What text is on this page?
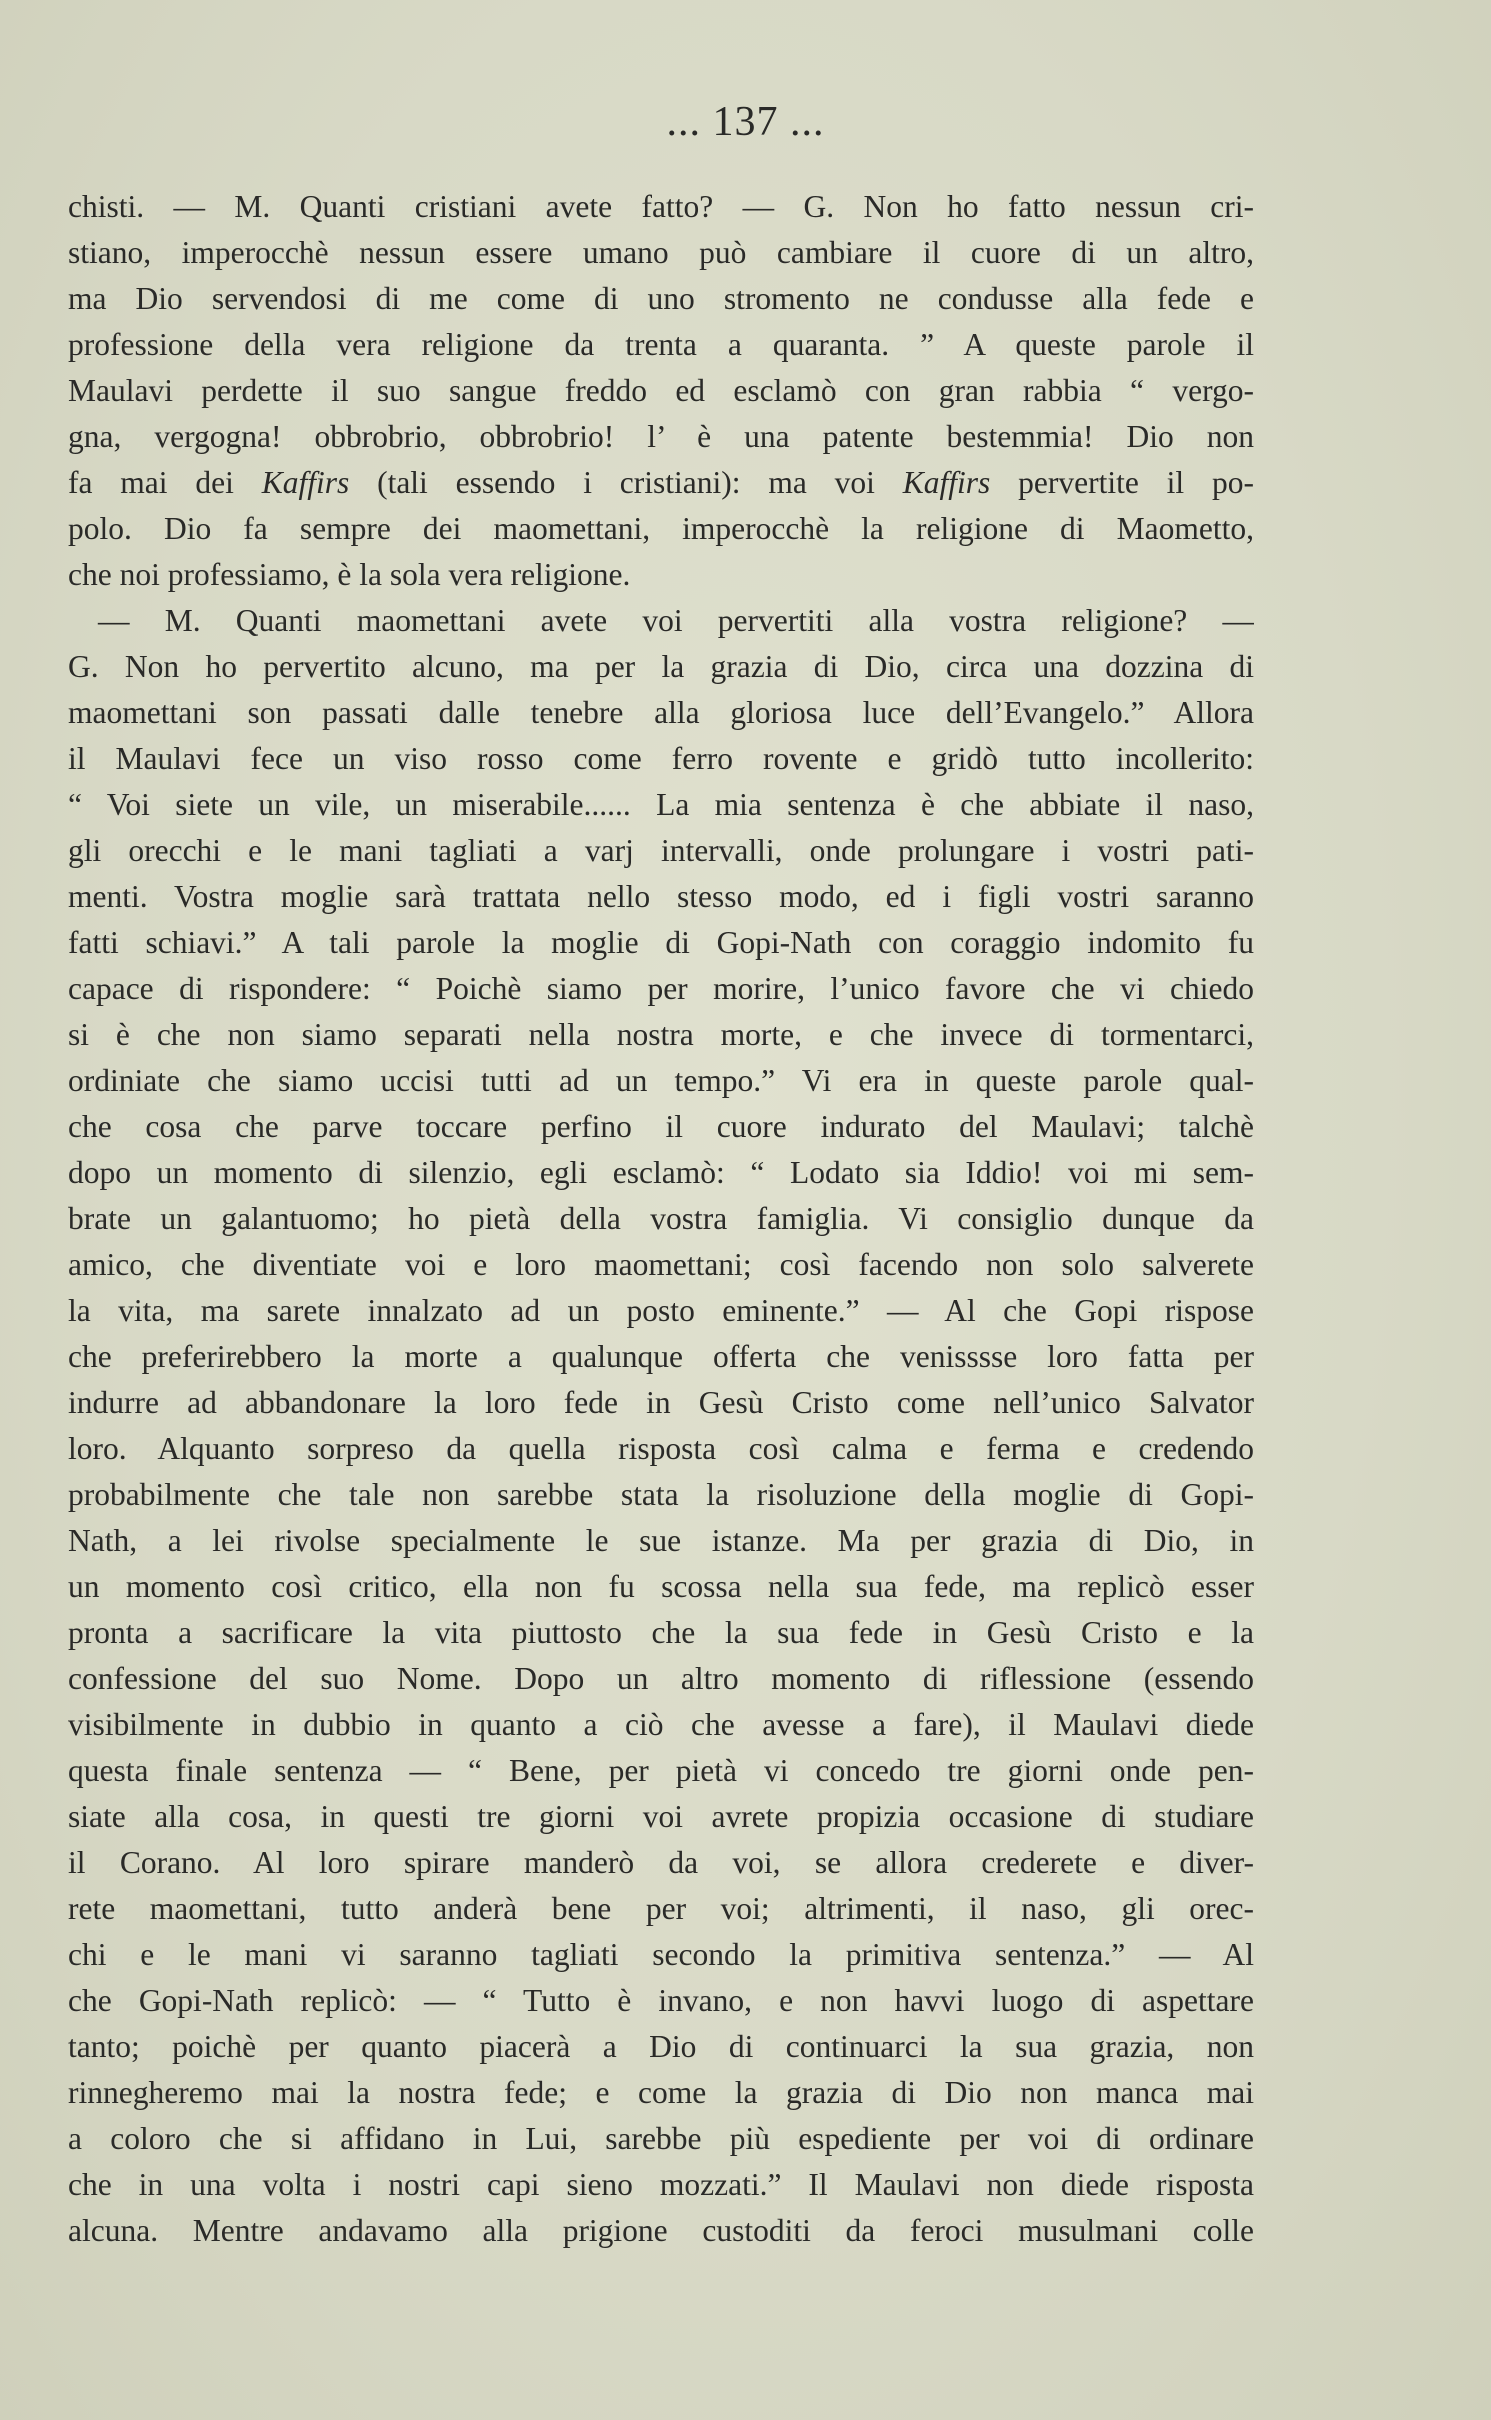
... 137 ...
chisti. — M. Quanti cristiani avete fatto? — G. Non ho fatto nessun cri-
stiano, imperocchè nessun essere umano può cambiare il cuore di un altro,
ma Dio servendosi di me come di uno stromento ne condusse alla fede e
professione della vera religione da trenta a quaranta. ” A queste parole il
Maulavi perdette il suo sangue freddo ed esclamò con gran rabbia “ vergo-
gna, vergogna! obbrobrio, obbrobrio! l’ è una patente bestemmia! Dio non
fa mai dei Kaffirs (tali essendo i cristiani): ma voi Kaffirs pervertite il po-
polo. Dio fa sempre dei maomettani, imperocchè la religione di Maometto,
che noi professiamo, è la sola vera religione.
— M. Quanti maomettani avete voi pervertiti alla vostra religione? —
G. Non ho pervertito alcuno, ma per la grazia di Dio, circa una dozzina di
maomettani son passati dalle tenebre alla gloriosa luce dell’Evangelo.” Allora
il Maulavi fece un viso rosso come ferro rovente e gridò tutto incollerito:
“ Voi siete un vile, un miserabile...... La mia sentenza è che abbiate il naso,
gli orecchi e le mani tagliati a varj intervalli, onde prolungare i vostri pati-
menti. Vostra moglie sarà trattata nello stesso modo, ed i figli vostri saranno
fatti schiavi.” A tali parole la moglie di Gopi-Nath con coraggio indomito fu
capace di rispondere: “ Poichè siamo per morire, l’unico favore che vi chiedo
si è che non siamo separati nella nostra morte, e che invece di tormentarci,
ordiniate che siamo uccisi tutti ad un tempo.” Vi era in queste parole qual-
che cosa che parve toccare perfino il cuore indurato del Maulavi; talchè
dopo un momento di silenzio, egli esclamò: “ Lodato sia Iddio! voi mi sem-
brate un galantuomo; ho pietà della vostra famiglia. Vi consiglio dunque da
amico, che diventiate voi e loro maomettani; così facendo non solo salverete
la vita, ma sarete innalzato ad un posto eminente.” — Al che Gopi rispose
che preferirebbero la morte a qualunque offerta che venisssse loro fatta per
indurre ad abbandonare la loro fede in Gesù Cristo come nell’unico Salvator
loro. Alquanto sorpreso da quella risposta così calma e ferma e credendo
probabilmente che tale non sarebbe stata la risoluzione della moglie di Gopi-
Nath, a lei rivolse specialmente le sue istanze. Ma per grazia di Dio, in
un momento così critico, ella non fu scossa nella sua fede, ma replicò esser
pronta a sacrificare la vita piuttosto che la sua fede in Gesù Cristo e la
confessione del suo Nome. Dopo un altro momento di riflessione (essendo
visibilmente in dubbio in quanto a ciò che avesse a fare), il Maulavi diede
questa finale sentenza — “ Bene, per pietà vi concedo tre giorni onde pen-
siate alla cosa, in questi tre giorni voi avrete propizia occasione di studiare
il Corano. Al loro spirare manderò da voi, se allora crederete e diver-
rete maomettani, tutto anderà bene per voi; altrimenti, il naso, gli orec-
chi e le mani vi saranno tagliati secondo la primitiva sentenza.” — Al
che Gopi-Nath replicò: — “ Tutto è invano, e non havvi luogo di aspettare
tanto; poichè per quanto piacerà a Dio di continuarci la sua grazia, non
rinnegheremo mai la nostra fede; e come la grazia di Dio non manca mai
a coloro che si affidano in Lui, sarebbe più espediente per voi di ordinare
che in una volta i nostri capi sieno mozzati.” Il Maulavi non diede risposta
alcuna. Mentre andavamo alla prigione custoditi da feroci musulmani colle
